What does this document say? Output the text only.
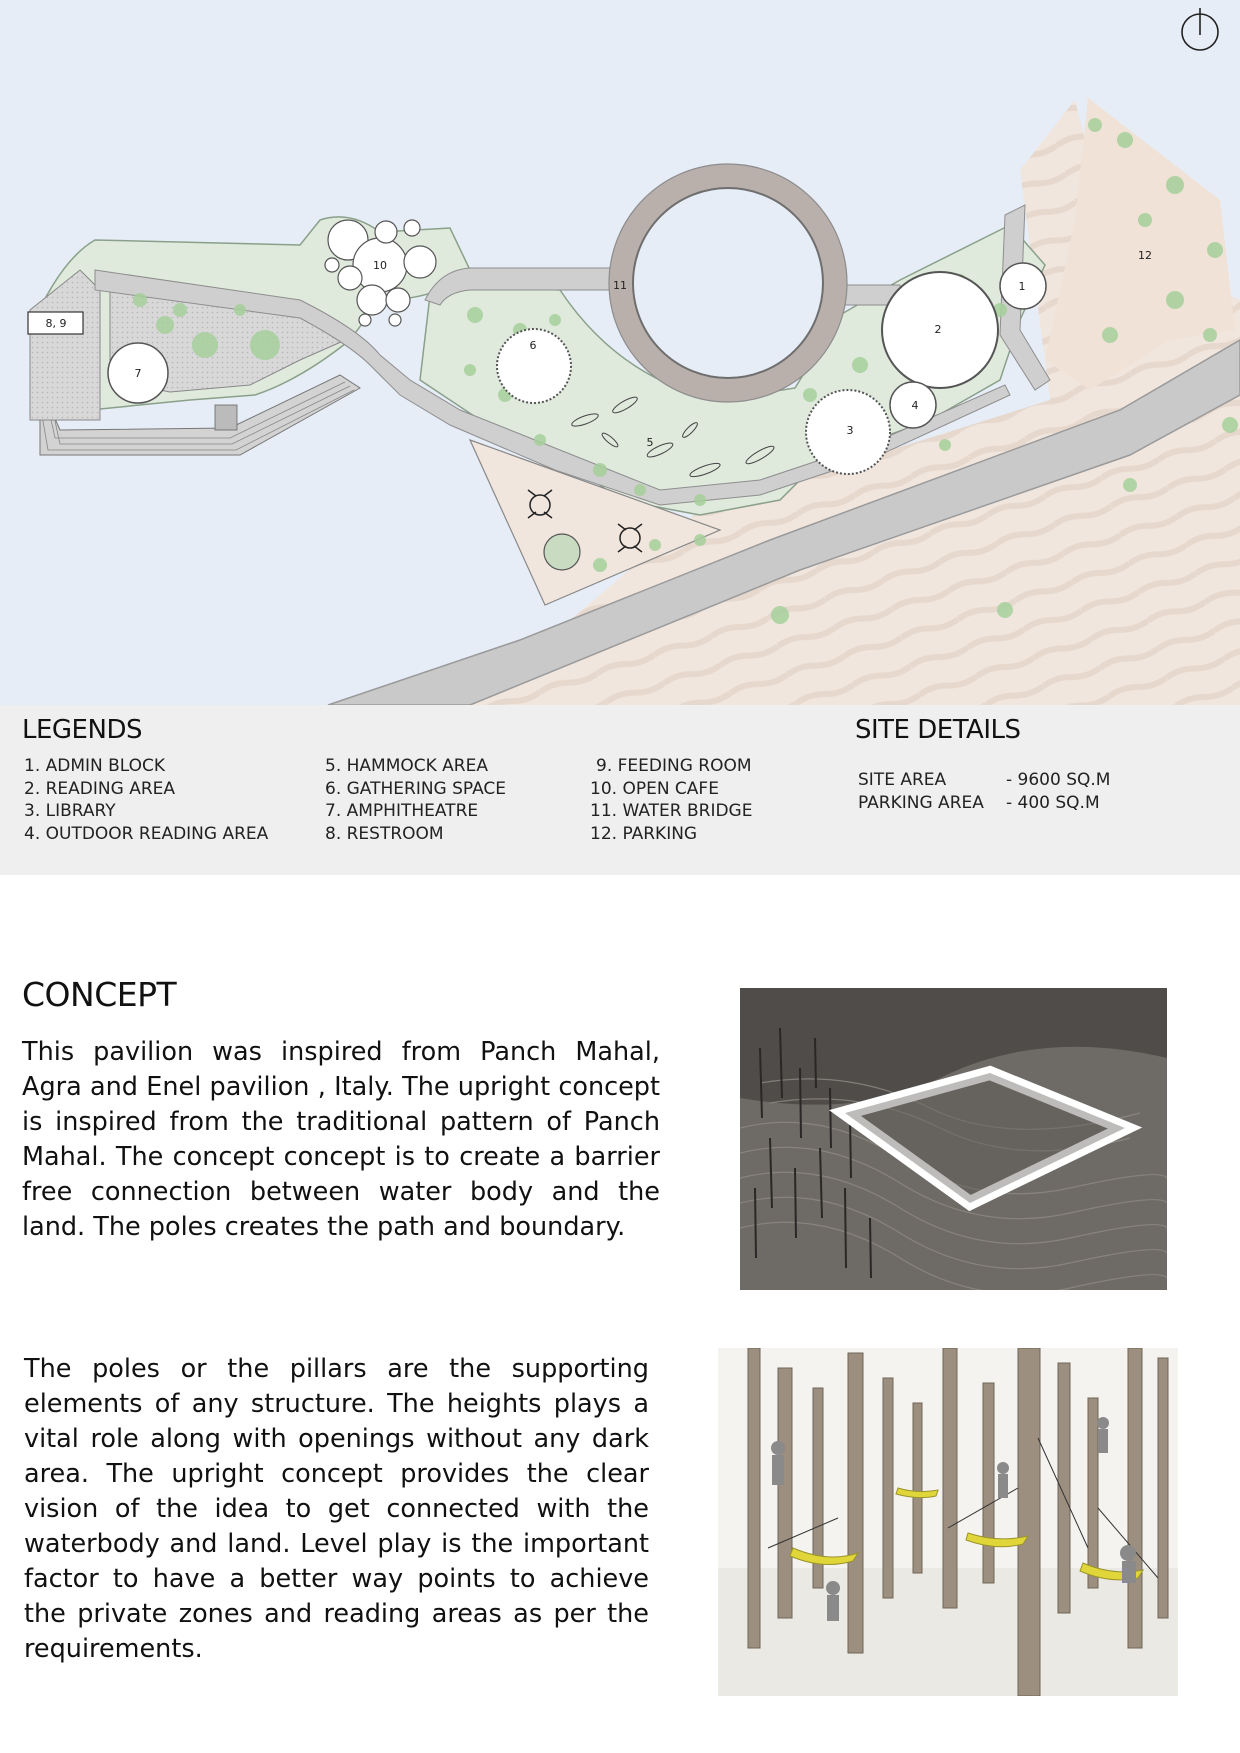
1
2
3
4
5
6
7
8, 9
10
11
12
LEGENDS
1. ADMIN BLOCK
2. READING AREA
3. LIBRARY
4. OUTDOOR READING AREA
5. HAMMOCK AREA
6. GATHERING SPACE
7. AMPHITHEATRE
8. RESTROOM
9. FEEDING ROOM
10. OPEN CAFE
11. WATER BRIDGE
12. PARKING
SITE DETAILS
SITE AREA	- 9600 SQ.M
PARKING AREA	- 400 SQ.M
CONCEPT
This pavilion was inspired from Panch Mahal, Agra and Enel pavilion , Italy. The upright concept is inspired from the traditional pattern of Panch Mahal. The concept concept is to create a barrier free connection between water body and the land. The poles creates the path and boundary.
The poles or the pillars are the supporting elements of any structure. The heights plays a vital role along with openings without any dark area. The upright concept provides the clear vision of the idea to get connected with the waterbody and land. Level play is the important factor to have a better way points to achieve the private zones and reading areas as per the requirements.
